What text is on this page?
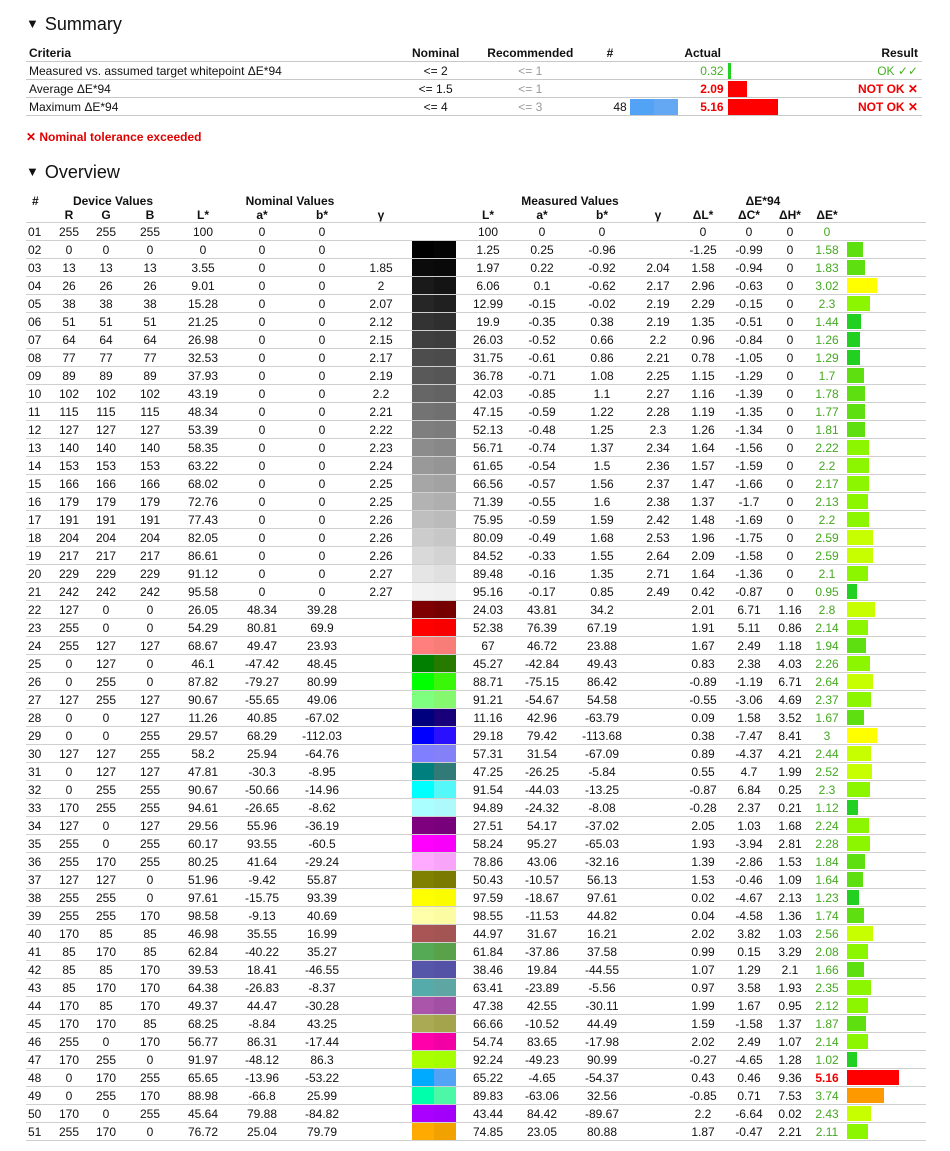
▼ Summary
Criteria	Nominal	Recommended	#		Actual		Result
Measured vs. assumed target whitepoint ΔE*94	<= 2	<= 1			0.32		OK ✓✓
Average ΔE*94	<= 1.5	<= 1			2.09		NOT OK ✕
Maximum ΔE*94	<= 4	<= 3	48		5.16		NOT OK ✕
✕ Nominal tolerance exceeded
▼ Overview
#	Device Values			Nominal Values					Measured Values				ΔE*94				
	R	G	B	L*	a*	b*	γ		L*	a*	b*	γ	ΔL*	ΔC*	ΔH*	ΔE*	
01	255	255	255	100	0	0			100	0	0		0	0	0	0	

02	0	0	0	0	0	0			1.25	0.25	-0.96		-1.25	-0.99	0	1.58	

03	13	13	13	3.55	0	0	1.85		1.97	0.22	-0.92	2.04	1.58	-0.94	0	1.83	

04	26	26	26	9.01	0	0	2		6.06	0.1	-0.62	2.17	2.96	-0.63	0	3.02	

05	38	38	38	15.28	0	0	2.07		12.99	-0.15	-0.02	2.19	2.29	-0.15	0	2.3	

06	51	51	51	21.25	0	0	2.12		19.9	-0.35	0.38	2.19	1.35	-0.51	0	1.44	

07	64	64	64	26.98	0	0	2.15		26.03	-0.52	0.66	2.2	0.96	-0.84	0	1.26	

08	77	77	77	32.53	0	0	2.17		31.75	-0.61	0.86	2.21	0.78	-1.05	0	1.29	

09	89	89	89	37.93	0	0	2.19		36.78	-0.71	1.08	2.25	1.15	-1.29	0	1.7	

10	102	102	102	43.19	0	0	2.2		42.03	-0.85	1.1	2.27	1.16	-1.39	0	1.78	

11	115	115	115	48.34	0	0	2.21		47.15	-0.59	1.22	2.28	1.19	-1.35	0	1.77	

12	127	127	127	53.39	0	0	2.22		52.13	-0.48	1.25	2.3	1.26	-1.34	0	1.81	

13	140	140	140	58.35	0	0	2.23		56.71	-0.74	1.37	2.34	1.64	-1.56	0	2.22	

14	153	153	153	63.22	0	0	2.24		61.65	-0.54	1.5	2.36	1.57	-1.59	0	2.2	

15	166	166	166	68.02	0	0	2.25		66.56	-0.57	1.56	2.37	1.47	-1.66	0	2.17	

16	179	179	179	72.76	0	0	2.25		71.39	-0.55	1.6	2.38	1.37	-1.7	0	2.13	

17	191	191	191	77.43	0	0	2.26		75.95	-0.59	1.59	2.42	1.48	-1.69	0	2.2	

18	204	204	204	82.05	0	0	2.26		80.09	-0.49	1.68	2.53	1.96	-1.75	0	2.59	

19	217	217	217	86.61	0	0	2.26		84.52	-0.33	1.55	2.64	2.09	-1.58	0	2.59	

20	229	229	229	91.12	0	0	2.27		89.48	-0.16	1.35	2.71	1.64	-1.36	0	2.1	

21	242	242	242	95.58	0	0	2.27		95.16	-0.17	0.85	2.49	0.42	-0.87	0	0.95	

22	127	0	0	26.05	48.34	39.28			24.03	43.81	34.2		2.01	6.71	1.16	2.8	

23	255	0	0	54.29	80.81	69.9			52.38	76.39	67.19		1.91	5.11	0.86	2.14	

24	255	127	127	68.67	49.47	23.93			67	46.72	23.88		1.67	2.49	1.18	1.94	

25	0	127	0	46.1	-47.42	48.45			45.27	-42.84	49.43		0.83	2.38	4.03	2.26	

26	0	255	0	87.82	-79.27	80.99			88.71	-75.15	86.42		-0.89	-1.19	6.71	2.64	

27	127	255	127	90.67	-55.65	49.06			91.21	-54.67	54.58		-0.55	-3.06	4.69	2.37	

28	0	0	127	11.26	40.85	-67.02			11.16	42.96	-63.79		0.09	1.58	3.52	1.67	

29	0	0	255	29.57	68.29	-112.03			29.18	79.42	-113.68		0.38	-7.47	8.41	3	

30	127	127	255	58.2	25.94	-64.76			57.31	31.54	-67.09		0.89	-4.37	4.21	2.44	

31	0	127	127	47.81	-30.3	-8.95			47.25	-26.25	-5.84		0.55	4.7	1.99	2.52	

32	0	255	255	90.67	-50.66	-14.96			91.54	-44.03	-13.25		-0.87	6.84	0.25	2.3	

33	170	255	255	94.61	-26.65	-8.62			94.89	-24.32	-8.08		-0.28	2.37	0.21	1.12	

34	127	0	127	29.56	55.96	-36.19			27.51	54.17	-37.02		2.05	1.03	1.68	2.24	

35	255	0	255	60.17	93.55	-60.5			58.24	95.27	-65.03		1.93	-3.94	2.81	2.28	

36	255	170	255	80.25	41.64	-29.24			78.86	43.06	-32.16		1.39	-2.86	1.53	1.84	

37	127	127	0	51.96	-9.42	55.87			50.43	-10.57	56.13		1.53	-0.46	1.09	1.64	

38	255	255	0	97.61	-15.75	93.39			97.59	-18.67	97.61		0.02	-4.67	2.13	1.23	

39	255	255	170	98.58	-9.13	40.69			98.55	-11.53	44.82		0.04	-4.58	1.36	1.74	

40	170	85	85	46.98	35.55	16.99			44.97	31.67	16.21		2.02	3.82	1.03	2.56	

41	85	170	85	62.84	-40.22	35.27			61.84	-37.86	37.58		0.99	0.15	3.29	2.08	

42	85	85	170	39.53	18.41	-46.55			38.46	19.84	-44.55		1.07	1.29	2.1	1.66	

43	85	170	170	64.38	-26.83	-8.37			63.41	-23.89	-5.56		0.97	3.58	1.93	2.35	

44	170	85	170	49.37	44.47	-30.28			47.38	42.55	-30.11		1.99	1.67	0.95	2.12	

45	170	170	85	68.25	-8.84	43.25			66.66	-10.52	44.49		1.59	-1.58	1.37	1.87	

46	255	0	170	56.77	86.31	-17.44			54.74	83.65	-17.98		2.02	2.49	1.07	2.14	

47	170	255	0	91.97	-48.12	86.3			92.24	-49.23	90.99		-0.27	-4.65	1.28	1.02	

48	0	170	255	65.65	-13.96	-53.22			65.22	-4.65	-54.37		0.43	0.46	9.36	5.16	

49	0	255	170	88.98	-66.8	25.99			89.83	-63.06	32.56		-0.85	0.71	7.53	3.74	

50	170	0	255	45.64	79.88	-84.82			43.44	84.42	-89.67		2.2	-6.64	0.02	2.43	

51	255	170	0	76.72	25.04	79.79			74.85	23.05	80.88		1.87	-0.47	2.21	2.11	
